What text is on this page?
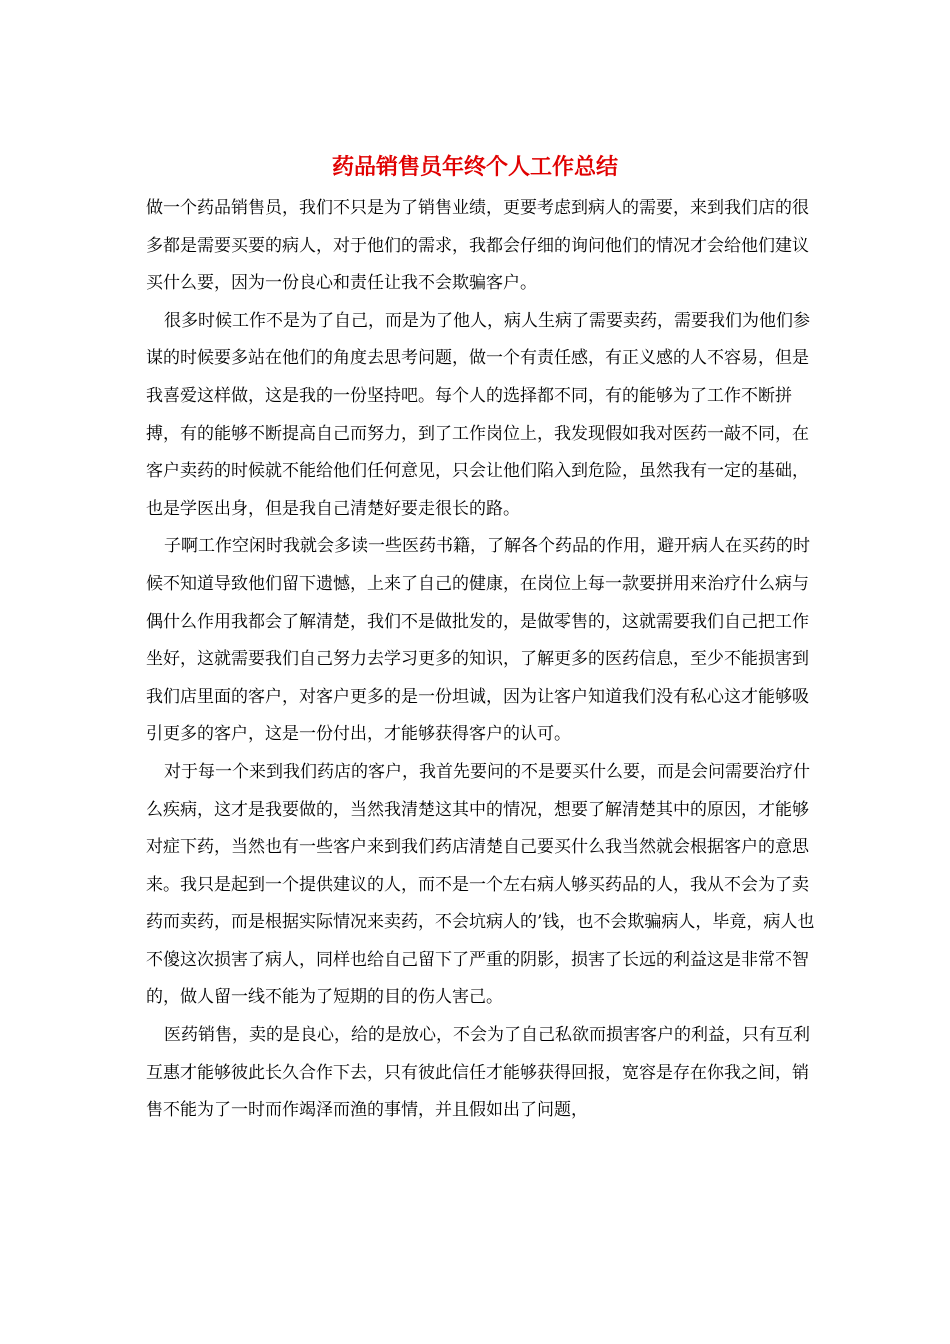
药品销售员年终个人工作总结

做一个药品销售员，我们不只是为了销售业绩，更要考虑到病人的需要，来到我们店的很多都是需要买要的病人，对于他们的需求，我都会仔细的询问他们的情况才会给他们建议买什么要，因为一份良心和责任让我不会欺骗客户。

很多时候工作不是为了自己，而是为了他人，病人生病了需要卖药，需要我们为他们参谋的时候要多站在他们的角度去思考问题，做一个有责任感，有正义感的人不容易，但是我喜爱这样做，这是我的一份坚持吧。每个人的选择都不同，有的能够为了工作不断拼搏，有的能够不断提高自己而努力，到了工作岗位上，我发现假如我对医药一敲不同，在客户卖药的时候就不能给他们任何意见，只会让他们陷入到危险，虽然我有一定的基础，也是学医出身，但是我自己清楚好要走很长的路。

子啊工作空闲时我就会多读一些医药书籍，了解各个药品的作用，避开病人在买药的时候不知道导致他们留下遗憾，上来了自己的健康，在岗位上每一款要拼用来治疗什么病与偶什么作用我都会了解清楚，我们不是做批发的，是做零售的，这就需要我们自己把工作坐好，这就需要我们自己努力去学习更多的知识，了解更多的医药信息，至少不能损害到我们店里面的客户，对客户更多的是一份坦诚，因为让客户知道我们没有私心这才能够吸引更多的客户，这是一份付出，才能够获得客户的认可。

对于每一个来到我们药店的客户，我首先要问的不是要买什么要，而是会问需要治疗什么疾病，这才是我要做的，当然我清楚这其中的情况，想要了解清楚其中的原因，才能够对症下药，当然也有一些客户来到我们药店清楚自己要买什么我当然就会根据客户的意思来。我只是起到一个提供建议的人，而不是一个左右病人够买药品的人，我从不会为了卖药而卖药，而是根据实际情况来卖药，不会坑病人的’钱，也不会欺骗病人，毕竟，病人也不傻这次损害了病人，同样也给自己留下了严重的阴影，损害了长远的利益这是非常不智的，做人留一线不能为了短期的目的伤人害己。

医药销售，卖的是良心，给的是放心，不会为了自己私欲而损害客户的利益，只有互利互惠才能够彼此长久合作下去，只有彼此信任才能够获得回报，宽容是存在你我之间，销售不能为了一时而作竭泽而渔的事情，并且假如出了问题，
